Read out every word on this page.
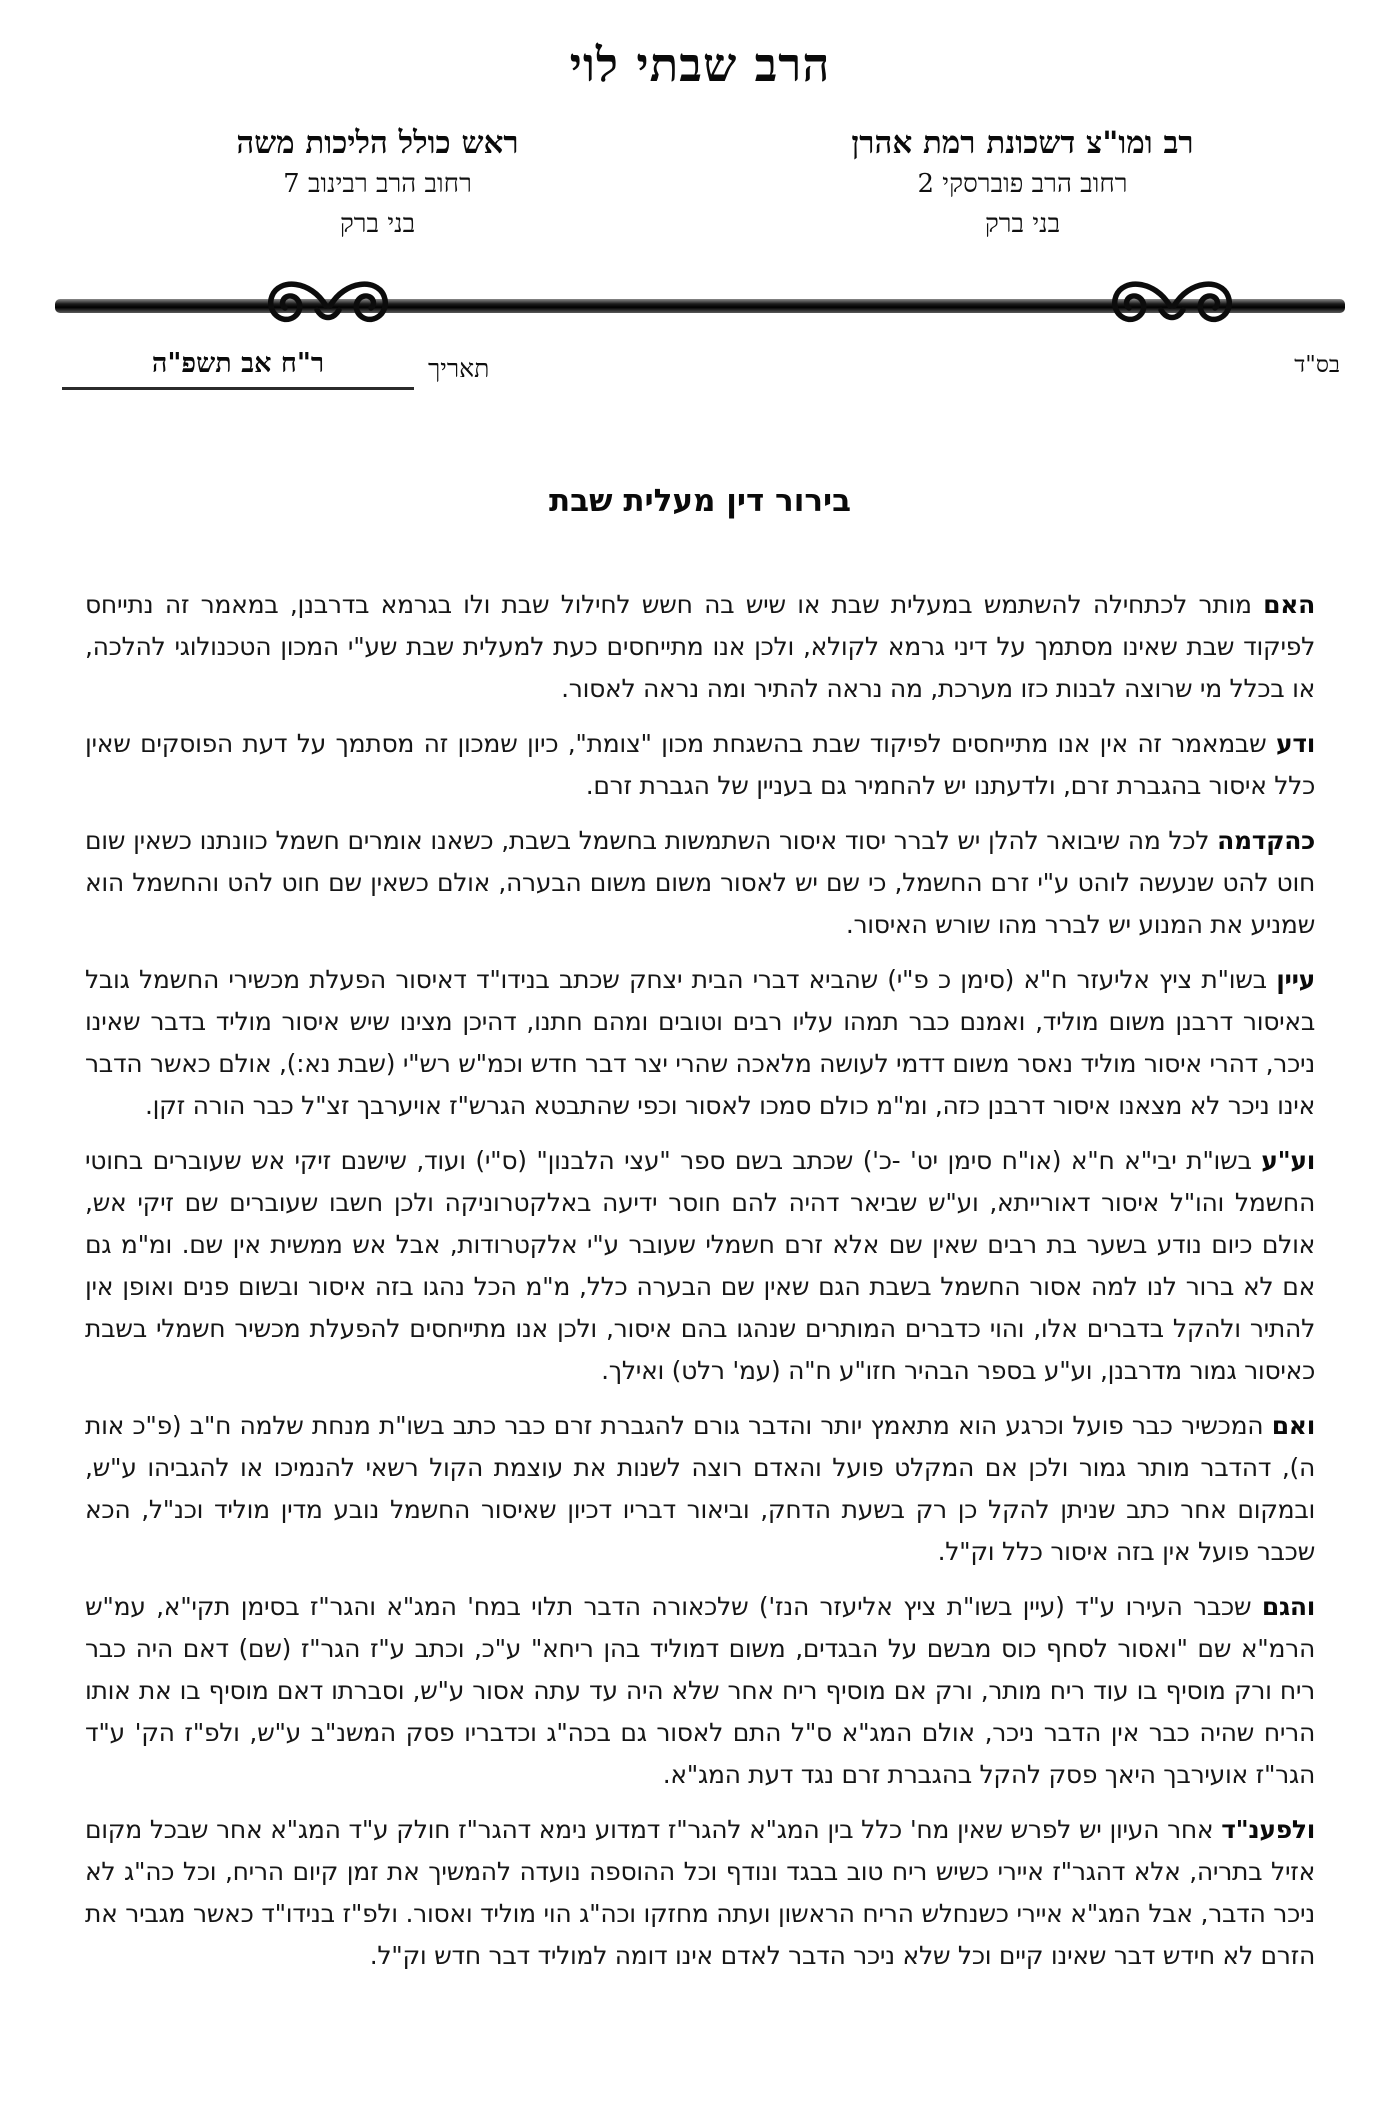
הרב שבתי לוי
רב ומו"צ דשכונת רמת אהרן
רחוב הרב פוברסקי 2
בני ברק
ראש כולל הליכות משה
רחוב הרב רבינוב 7
בני ברק
בס"ד
תאריך
ר"ח אב תשפ"ה
בירור דין מעלית שבת

האם מותר לכתחילה להשתמש במעלית שבת או שיש בה חשש לחילול שבת ולו בגרמא בדרבנן, במאמר זה נתייחס לפיקוד שבת שאינו מסתמך על דיני גרמא לקולא, ולכן אנו מתייחסים כעת למעלית שבת שע"י המכון הטכנולוגי להלכה, או בכלל מי שרוצה לבנות כזו מערכת, מה נראה להתיר ומה נראה לאסור.

ודע שבמאמר זה אין אנו מתייחסים לפיקוד שבת בהשגחת מכון "צומת", כיון שמכון זה מסתמך על דעת הפוסקים שאין כלל איסור בהגברת זרם, ולדעתנו יש להחמיר גם בעניין של הגברת זרם.

כהקדמה לכל מה שיבואר להלן יש לברר יסוד איסור השתמשות בחשמל בשבת, כשאנו אומרים חשמל כוונתנו כשאין שום חוט להט שנעשה לוהט ע"י זרם החשמל, כי שם יש לאסור משום משום הבערה, אולם כשאין שם חוט להט והחשמל הוא שמניע את המנוע יש לברר מהו שורש האיסור.

עיין בשו"ת ציץ אליעזר ח"א (סימן כ פ"י) שהביא דברי הבית יצחק שכתב בנידו"ד דאיסור הפעלת מכשירי החשמל גובל באיסור דרבנן משום מוליד, ואמנם כבר תמהו עליו רבים וטובים ומהם חתנו, דהיכן מצינו שיש איסור מוליד בדבר שאינו ניכר, דהרי איסור מוליד נאסר משום דדמי לעושה מלאכה שהרי יצר דבר חדש וכמ"ש רש"י (שבת נא:), אולם כאשר הדבר אינו ניכר לא מצאנו איסור דרבנן כזה, ומ"מ כולם סמכו לאסור וכפי שהתבטא הגרש"ז אויערבך זצ"ל כבר הורה זקן.

וע"ע בשו"ת יבי"א ח"א (או"ח סימן יט' -כ') שכתב בשם ספר "עצי הלבנון" (ס"י) ועוד, שישנם זיקי אש שעוברים בחוטי החשמל והו"ל איסור דאורייתא, וע"ש שביאר דהיה להם חוסר ידיעה באלקטרוניקה ולכן חשבו שעוברים שם זיקי אש, אולם כיום נודע בשער בת רבים שאין שם אלא זרם חשמלי שעובר ע"י אלקטרודות, אבל אש ממשית אין שם. ומ"מ גם אם לא ברור לנו למה אסור החשמל בשבת הגם שאין שם הבערה כלל, מ"מ הכל נהגו בזה איסור ובשום פנים ואופן אין להתיר ולהקל בדברים אלו, והוי כדברים המותרים שנהגו בהם איסור, ולכן אנו מתייחסים להפעלת מכשיר חשמלי בשבת כאיסור גמור מדרבנן, וע"ע בספר הבהיר חזו"ע ח"ה (עמ' רלט) ואילך.

ואם המכשיר כבר פועל וכרגע הוא מתאמץ יותר והדבר גורם להגברת זרם כבר כתב בשו"ת מנחת שלמה ח"ב (פ"כ אות ה), דהדבר מותר גמור ולכן אם המקלט פועל והאדם רוצה לשנות את עוצמת הקול רשאי להנמיכו או להגביהו ע"ש, ובמקום אחר כתב שניתן להקל כן רק בשעת הדחק, וביאור דבריו דכיון שאיסור החשמל נובע מדין מוליד וכנ"ל, הכא שכבר פועל אין בזה איסור כלל וק"ל.

והגם שכבר העירו ע"ד (עיין בשו"ת ציץ אליעזר הנז') שלכאורה הדבר תלוי במח' המג"א והגר"ז בסימן תקי"א, עמ"ש הרמ"א שם "ואסור לסחף כוס מבשם על הבגדים, משום דמוליד בהן ריחא" ע"כ, וכתב ע"ז הגר"ז (שם) דאם היה כבר ריח ורק מוסיף בו עוד ריח מותר, ורק אם מוסיף ריח אחר שלא היה עד עתה אסור ע"ש, וסברתו דאם מוסיף בו את אותו הריח שהיה כבר אין הדבר ניכר, אולם המג"א ס"ל התם לאסור גם בכה"ג וכדבריו פסק המשנ"ב ע"ש, ולפ"ז הק' ע"ד הגר"ז אועירבך היאך פסק להקל בהגברת זרם נגד דעת המג"א.

ולפענ"ד אחר העיון יש לפרש שאין מח' כלל בין המג"א להגר"ז דמדוע נימא דהגר"ז חולק ע"ד המג"א אחר שבכל מקום אזיל בתריה, אלא דהגר"ז איירי כשיש ריח טוב בבגד ונודף וכל ההוספה נועדה להמשיך את זמן קיום הריח, וכל כה"ג לא ניכר הדבר, אבל המג"א איירי כשנחלש הריח הראשון ועתה מחזקו וכה"ג הוי מוליד ואסור. ולפ"ז בנידו"ד כאשר מגביר את הזרם לא חידש דבר שאינו קיים וכל שלא ניכר הדבר לאדם אינו דומה למוליד דבר חדש וק"ל.
